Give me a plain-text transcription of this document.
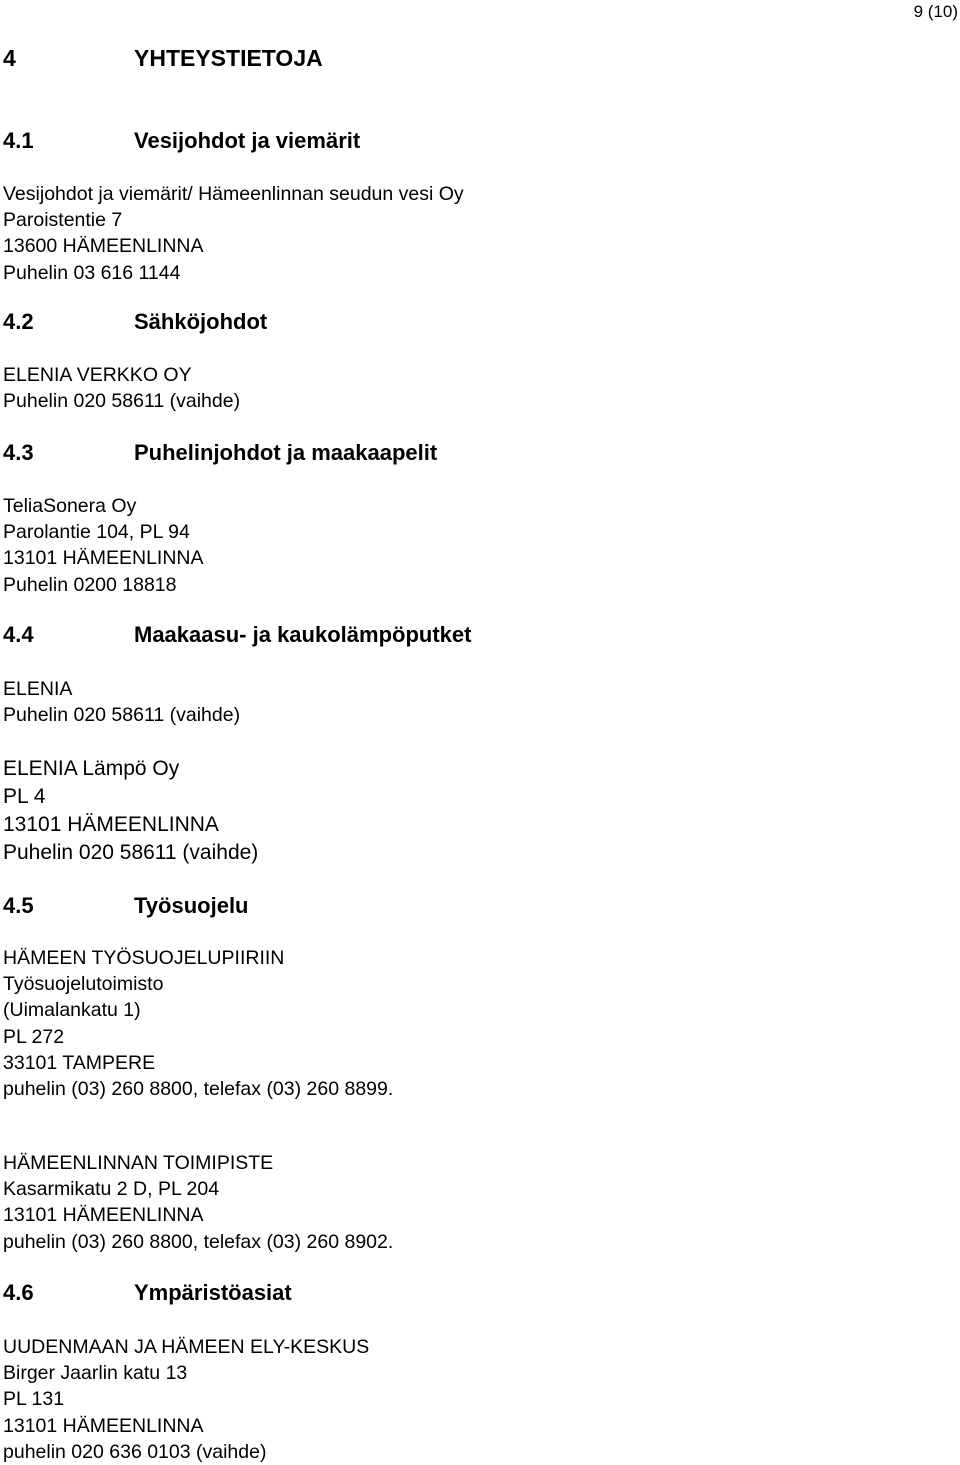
9 (10)
4	YHTEYSTIETOJA
4.1	Vesijohdot ja viemärit
Vesijohdot ja viemärit/ Hämeenlinnan seudun vesi Oy
Paroistentie 7
13600 HÄMEENLINNA
Puhelin 03 616 1144
4.2	Sähköjohdot
ELENIA VERKKO OY
Puhelin 020 58611 (vaihde)
4.3	Puhelinjohdot ja maakaapelit
TeliaSonera Oy
Parolantie 104, PL 94
13101 HÄMEENLINNA
Puhelin 0200 18818
4.4	Maakaasu- ja kaukolämpöputket
ELENIA
Puhelin 020 58611 (vaihde)
ELENIA Lämpö Oy
PL 4
13101 HÄMEENLINNA
Puhelin 020 58611 (vaihde)
4.5	Työsuojelu
HÄMEEN TYÖSUOJELUPIIRIIN
Työsuojelutoimisto
(Uimalankatu 1)
PL 272
33101 TAMPERE
puhelin (03) 260 8800, telefax (03) 260 8899.
HÄMEENLINNAN TOIMIPISTE
Kasarmikatu 2 D, PL 204
13101 HÄMEENLINNA
puhelin (03) 260 8800, telefax (03) 260 8902.
4.6	Ympäristöasiat
UUDENMAAN JA HÄMEEN ELY-KESKUS
Birger Jaarlin katu 13
PL 131
13101 HÄMEENLINNA
puhelin 020 636 0103 (vaihde)
